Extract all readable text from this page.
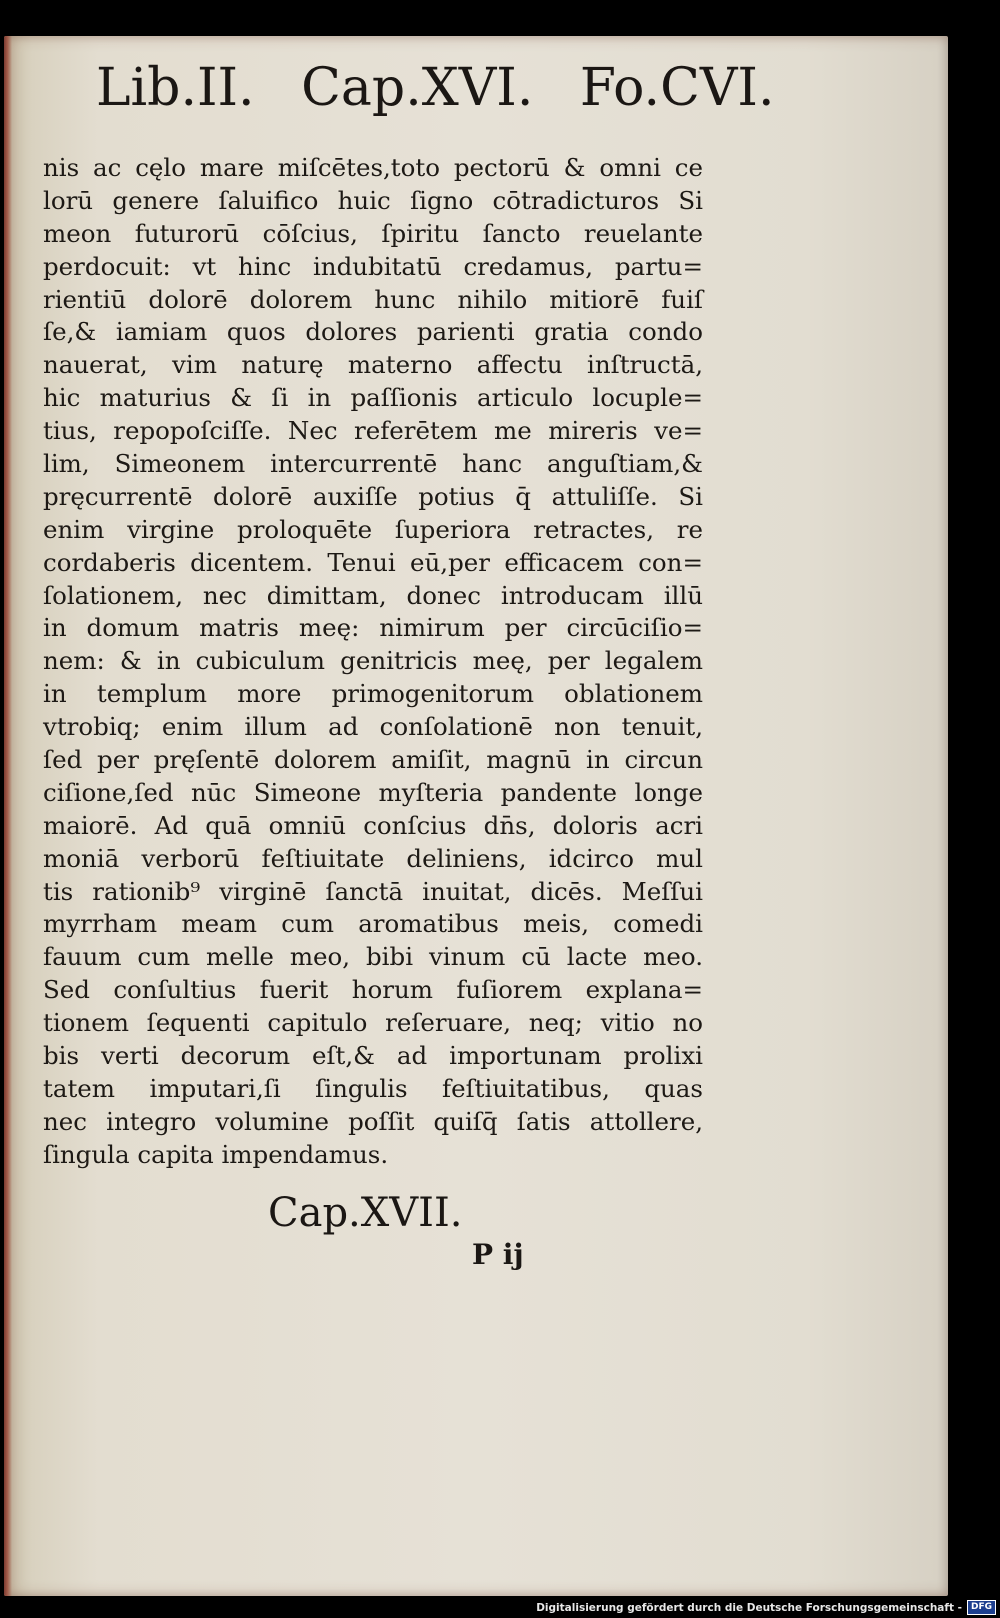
Lib.II. Cap.XVI. Fo.CVI.
nis ac cęlo mare miſcētes,toto pectorū & omni ce
lorū genere ſaluifico huic ſigno cōtradicturos Si
meon futurorū cōſcius, ſpiritu ſancto reuelante
perdocuit: vt hinc indubitatū credamus, partu=
rientiū dolorē dolorem hunc nihilo mitiorē fuiſ
ſe,& iamiam quos dolores parienti gratia condo
nauerat, vim naturę materno affectu inſtructā,
hic maturius & ſi in paſſionis articulo locuple=
tius, repopoſciſſe. Nec referētem me mireris ve=
lim, Simeonem intercurrentē hanc anguſtiam,&
pręcurrentē dolorē auxiſſe potius q̄ attuliſſe. Si
enim virgine proloquēte ſuperiora retractes, re
cordaberis dicentem. Tenui eū,per efficacem con=
ſolationem, nec dimittam, donec introducam illū
in domum matris meę: nimirum per circūciſio=
nem: & in cubiculum genitricis meę, per legalem
in templum more primogenitorum oblationem
vtrobiq; enim illum ad conſolationē non tenuit,
ſed per pręſentē dolorem amiſit, magnū in circun
ciſione,ſed nūc Simeone myſteria pandente longe
maiorē. Ad quā omniū conſcius dn̄s, doloris acri
moniā verborū feſtiuitate deliniens, idcirco mul
tis rationib⁹ virginē ſanctā inuitat, dicēs. Meſſui
myrrham meam cum aromatibus meis, comedi
fauum cum melle meo, bibi vinum cū lacte meo.
Sed conſultius fuerit horum fuſiorem explana=
tionem ſequenti capitulo reſeruare, neq; vitio no
bis verti decorum eſt,& ad importunam prolixi
tatem imputari,ſi ſingulis feſtiuitatibus, quas
nec integro volumine poſſit quiſq̄ ſatis attollere,
ſingula capita impendamus.
Cap.XVII.
P ij
Digitalisierung gefördert durch die Deutsche Forschungsgemeinschaft - DFG
